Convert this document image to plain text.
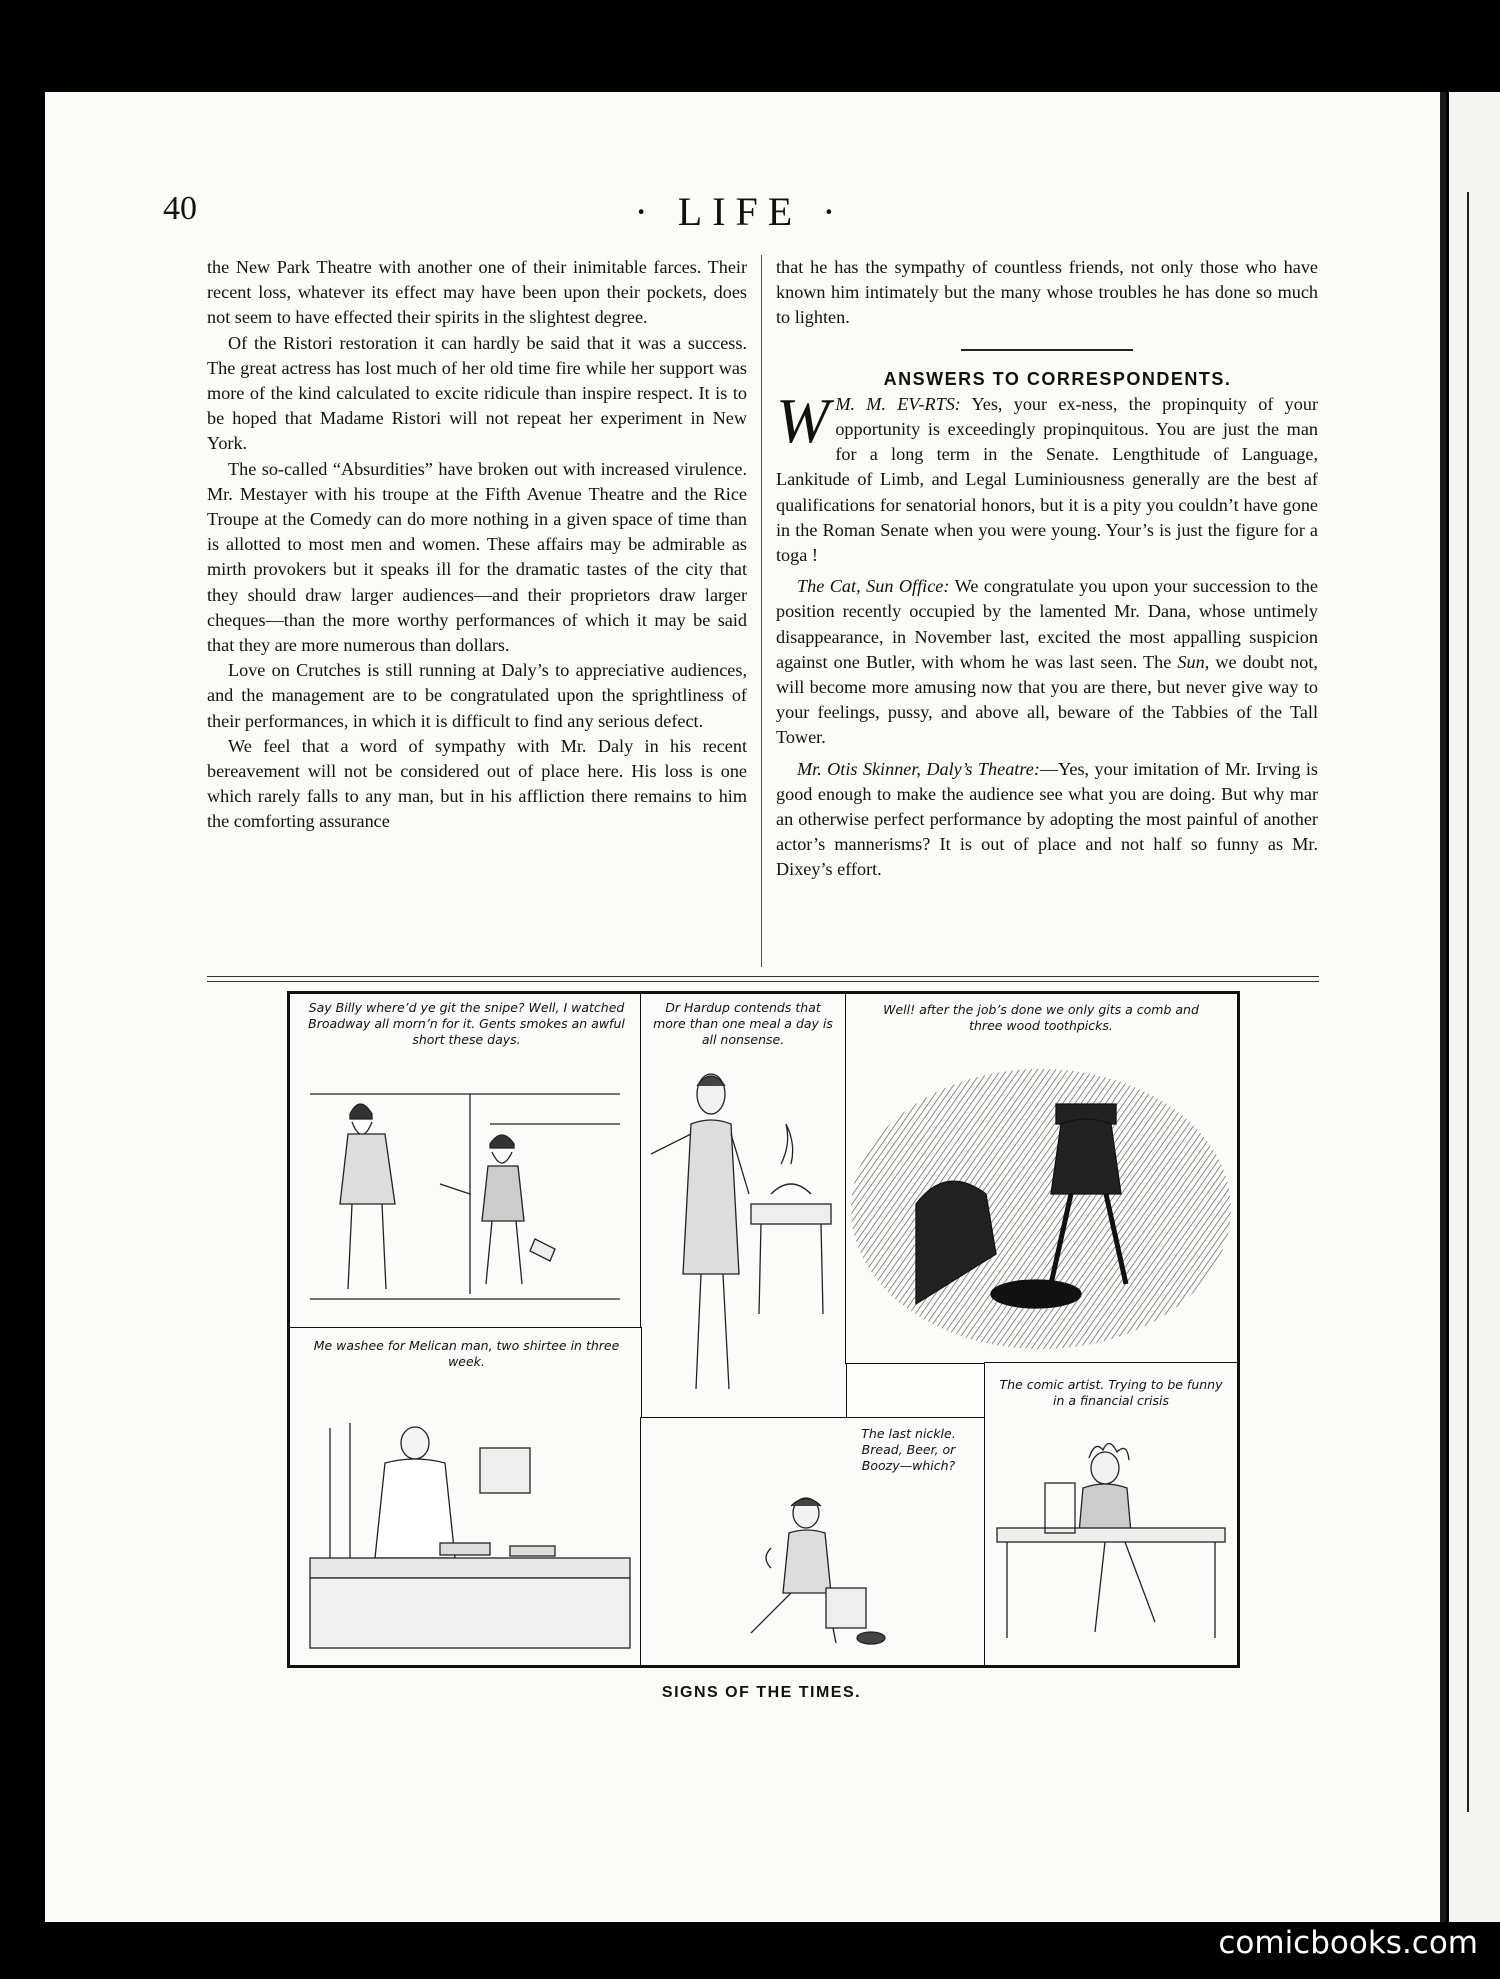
40	· LIFE ·

the New Park Theatre with another one of their inimitable farces. Their recent loss, whatever its effect may have been upon their pockets, does not seem to have effected their spirits in the slightest degree.

Of the Ristori restoration it can hardly be said that it was a success. The great actress has lost much of her old time fire while her support was more of the kind calculated to excite ridicule than inspire respect. It is to be hoped that Madame Ristori will not repeat her experiment in New York.

The so-called “Absurdities” have broken out with increased virulence. Mr. Mestayer with his troupe at the Fifth Avenue Theatre and the Rice Troupe at the Comedy can do more nothing in a given space of time than is allotted to most men and women. These affairs may be admirable as mirth provokers but it speaks ill for the dramatic tastes of the city that they should draw larger audiences—and their proprietors draw larger cheques—than the more worthy performances of which it may be said that they are more numerous than dollars.

Love on Crutches is still running at Daly’s to appreciative audiences, and the management are to be congratulated upon the sprightliness of their performances, in which it is difficult to find any serious defect.

We feel that a word of sympathy with Mr. Daly in his recent bereavement will not be considered out of place here. His loss is one which rarely falls to any man, but in his affliction there remains to him the comforting assurance

that he has the sympathy of countless friends, not only those who have known him intimately but the many whose troubles he has done so much to lighten.

ANSWERS TO CORRESPONDENTS.

W M. M. EV-RTS: Yes, your ex-ness, the propinquity of your opportunity is exceedingly propinquitous. You are just the man for a long term in the Senate. Lengthitude of Language, Lankitude of Limb, and Legal Luminiousness generally are the best af qualifications for senatorial honors, but it is a pity you couldn’t have gone in the Roman Senate when you were young. Your’s is just the figure for a toga !

The Cat, Sun Office: We congratulate you upon your succession to the position recently occupied by the lamented Mr. Dana, whose untimely disappearance, in November last, excited the most appalling suspicion against one Butler, with whom he was last seen. The Sun, we doubt not, will become more amusing now that you are there, but never give way to your feelings, pussy, and above all, beware of the Tabbies of the Tall Tower.

Mr. Otis Skinner, Daly’s Theatre:—Yes, your imitation of Mr. Irving is good enough to make the audience see what you are doing. But why mar an otherwise perfect performance by adopting the most painful of another actor’s mannerisms? It is out of place and not half so funny as Mr. Dixey’s effort.

Say Billy where’d ye git the snipe? Well, I watched Broadway all morn’n for it. Gents smokes an awful short these days.
Dr Hardup contends that more than one meal a day is all nonsense.
Well! after the job’s done we only gits a comb and three wood toothpicks.
Me washee for Melican man, two shirtee in three week.
The last nickle. Bread, Beer, or Boozy—which?
The comic artist. Trying to be funny in a financial crisis
SIGNS OF THE TIMES.
comicbooks.com
